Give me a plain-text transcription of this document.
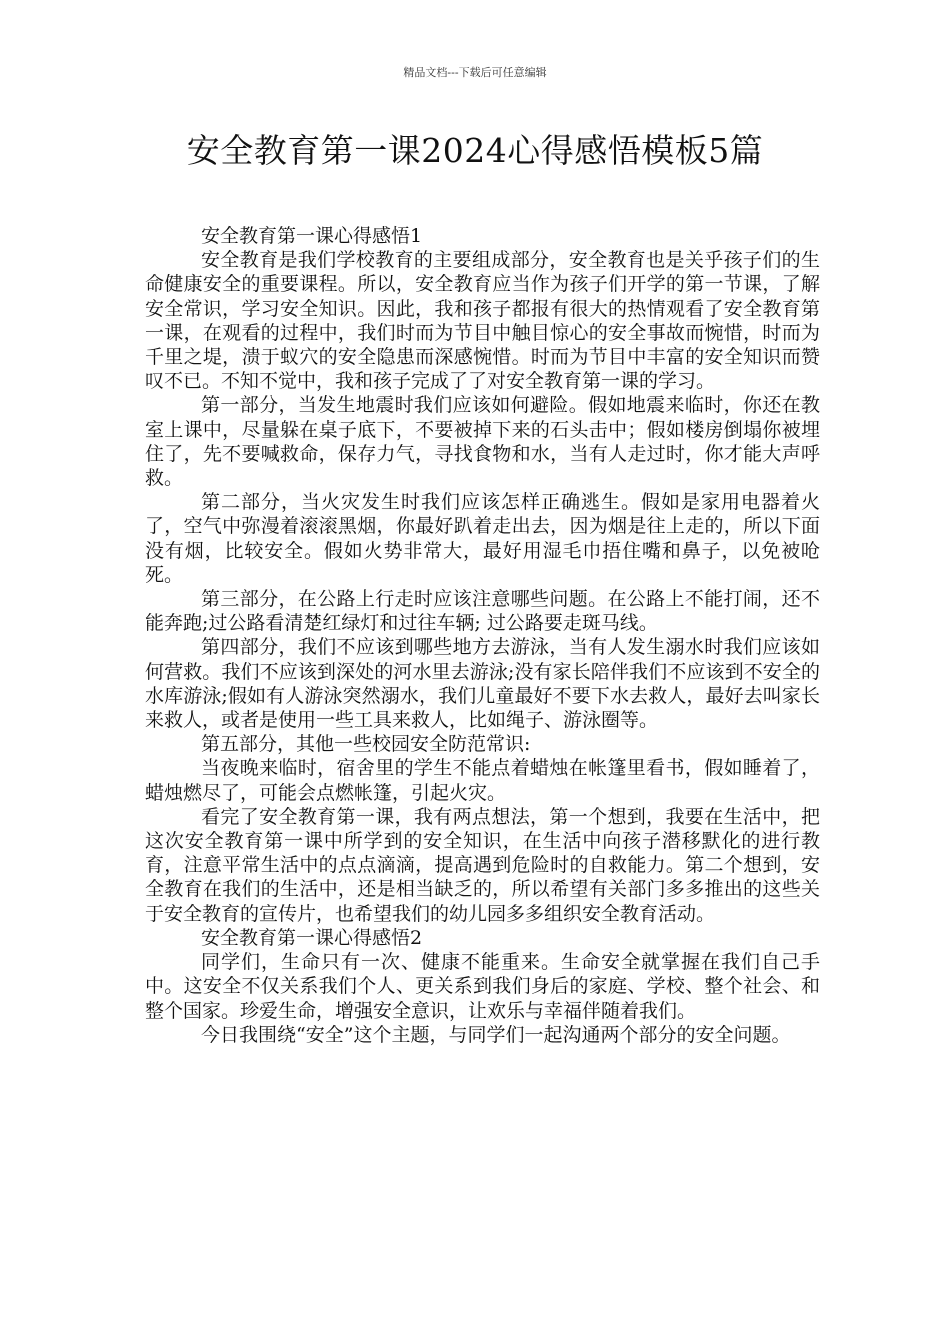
精品文档---下载后可任意编辑
安全教育第一课2024心得感悟模板5篇

安全教育第一课心得感悟1

安全教育是我们学校教育的主要组成部分，安全教育也是关乎孩子们的生命健康安全的重要课程。所以，安全教育应当作为孩子们开学的第一节课，了解安全常识，学习安全知识。因此，我和孩子都报有很大的热情观看了安全教育第一课，在观看的过程中，我们时而为节目中触目惊心的安全事故而惋惜，时而为千里之堤，溃于蚁穴的安全隐患而深感惋惜。时而为节目中丰富的安全知识而赞叹不已。不知不觉中，我和孩子完成了了对安全教育第一课的学习。

第一部分，当发生地震时我们应该如何避险。假如地震来临时，你还在教室上课中，尽量躲在桌子底下，不要被掉下来的石头击中；假如楼房倒塌你被埋住了，先不要喊救命，保存力气，寻找食物和水，当有人走过时，你才能大声呼救。

第二部分，当火灾发生时我们应该怎样正确逃生。假如是家用电器着火了，空气中弥漫着滚滚黑烟，你最好趴着走出去，因为烟是往上走的，所以下面没有烟，比较安全。假如火势非常大，最好用湿毛巾捂住嘴和鼻子，以免被呛死。

第三部分，在公路上行走时应该注意哪些问题。在公路上不能打闹，还不能奔跑;过公路看清楚红绿灯和过往车辆; 过公路要走斑马线。

第四部分，我们不应该到哪些地方去游泳，当有人发生溺水时我们应该如何营救。我们不应该到深处的河水里去游泳;没有家长陪伴我们不应该到不安全的水库游泳;假如有人游泳突然溺水，我们儿童最好不要下水去救人，最好去叫家长来救人，或者是使用一些工具来救人，比如绳子、游泳圈等。

第五部分，其他一些校园安全防范常识:

当夜晚来临时，宿舍里的学生不能点着蜡烛在帐篷里看书，假如睡着了，蜡烛燃尽了，可能会点燃帐篷，引起火灾。

看完了安全教育第一课，我有两点想法，第一个想到，我要在生活中，把这次安全教育第一课中所学到的安全知识，在生活中向孩子潜移默化的进行教育，注意平常生活中的点点滴滴，提高遇到危险时的自救能力。第二个想到，安全教育在我们的生活中，还是相当缺乏的，所以希望有关部门多多推出的这些关于安全教育的宣传片，也希望我们的幼儿园多多组织安全教育活动。

安全教育第一课心得感悟2

同学们，生命只有一次、健康不能重来。生命安全就掌握在我们自己手中。这安全不仅关系我们个人、更关系到我们身后的家庭、学校、整个社会、和整个国家。珍爱生命，增强安全意识，让欢乐与幸福伴随着我们。

今日我围绕“安全”这个主题，与同学们一起沟通两个部分的安全问题。
